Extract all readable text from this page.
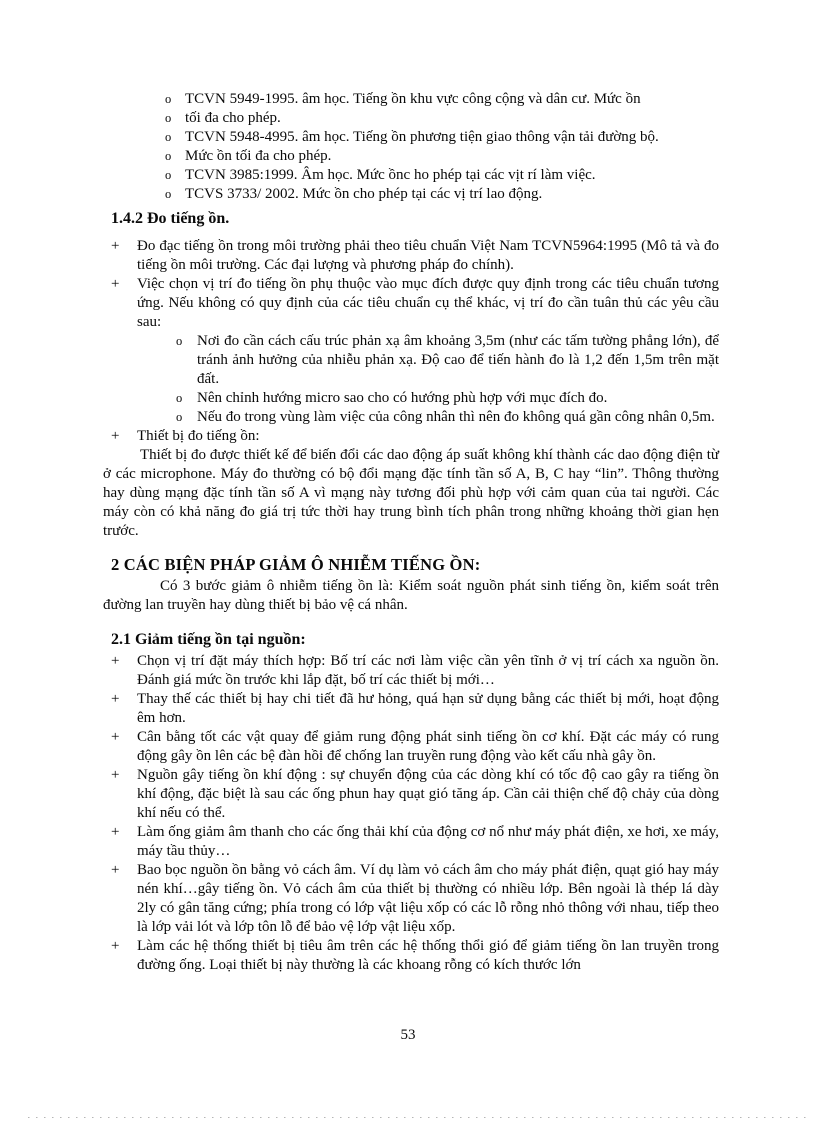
o TCVN 5949-1995. âm học. Tiếng ồn khu vực công cộng và dân cư. Mức ồn
o tối đa cho phép.
o TCVN 5948-4995. âm học. Tiếng ồn phương tiện giao thông vận tải đường bộ.
o Mức ồn tối đa cho phép.
o TCVN 3985:1999. Âm học. Mức ồnc ho phép tại các vịt rí làm việc.
o TCVS 3733/ 2002. Mức ồn cho phép tại các vị trí lao động.
1.4.2 Đo tiếng ồn.
+ Đo đạc tiếng ồn trong môi trường phải theo tiêu chuẩn Việt Nam TCVN5964:1995 (Mô tả và đo tiếng ồn môi trường. Các đại lượng và phương pháp đo chính).
+ Việc chọn vị trí đo tiếng ồn phụ thuộc vào mục đích được quy định trong các tiêu chuẩn tương ứng. Nếu không có quy định của các tiêu chuẩn cụ thể khác, vị trí đo cần tuân thủ các yêu cầu sau:
o Nơi đo cần cách cấu trúc phản xạ âm khoảng 3,5m (như các tấm tường phẳng lớn), để tránh ảnh hưởng của nhiễu phản xạ. Độ cao để tiến hành đo là 1,2 đến 1,5m trên mặt đất.
o Nên chỉnh hướng micro sao cho có hướng phù hợp với mục đích đo.
o Nếu đo trong vùng làm việc của công nhân thì nên đo không quá gần công nhân 0,5m.
+ Thiết bị đo tiếng ồn:

Thiết bị đo được thiết kế để biến đổi các dao động áp suất không khí thành các dao động điện từ ở các microphone. Máy đo thường có bộ đổi mạng đặc tính tần số A, B, C hay “lin”. Thông thường hay dùng mạng đặc tính tần số A vì mạng này tương đối phù hợp với cảm quan của tai người. Các máy còn có khả năng đo giá trị tức thời hay trung bình tích phân trong những khoảng thời gian hẹn trước.

2 CÁC BIỆN PHÁP GIẢM Ô NHIỄM TIẾNG ỒN:

Có 3 bước giảm ô nhiễm tiếng ồn là: Kiểm soát nguồn phát sinh tiếng ồn, kiểm soát trên đường lan truyền hay dùng thiết bị bảo vệ cá nhân.

2.1 Giảm tiếng ồn tại nguồn:
+ Chọn vị trí đặt máy thích hợp: Bố trí các nơi làm việc cần yên tĩnh ở vị trí cách xa nguồn ồn. Đánh giá mức ồn trước khi lắp đặt, bố trí các thiết bị mới…
+ Thay thế các thiết bị hay chi tiết đã hư hỏng, quá hạn sử dụng bằng các thiết bị mới, hoạt động êm hơn.
+ Cân bằng tốt các vật quay để giảm rung động phát sinh tiếng ồn cơ khí. Đặt các máy có rung động gây ồn lên các bệ đàn hồi để chống lan truyền rung động vào kết cấu nhà gây ồn.
+ Nguồn gây tiếng ồn khí động : sự chuyển động của các dòng khí có tốc độ cao gây ra tiếng ồn khí động, đặc biệt là sau các ống phun hay quạt gió tăng áp. Cần cải thiện chế độ chảy của dòng khí nếu có thể.
+ Làm ống giảm âm thanh cho các ống thải khí của động cơ nổ như máy phát điện, xe hơi, xe máy, máy tầu thủy…
+ Bao bọc nguồn ồn bằng vỏ cách âm. Ví dụ làm vỏ cách âm cho máy phát điện, quạt gió hay máy nén khí…gây tiếng ồn. Vỏ cách âm của thiết bị thường có nhiều lớp. Bên ngoài là thép lá dày 2ly có gân tăng cứng; phía trong có lớp vật liệu xốp có các lỗ rỗng nhỏ thông với nhau, tiếp theo là lớp vải lót và lớp tôn lỗ để bảo vệ lớp vật liệu xốp.
+ Làm các hệ thống thiết bị tiêu âm trên các hệ thống thổi gió để giảm tiếng ồn lan truyền trong đường ống. Loại thiết bị này thường là các khoang rỗng có kích thước lớn
53
